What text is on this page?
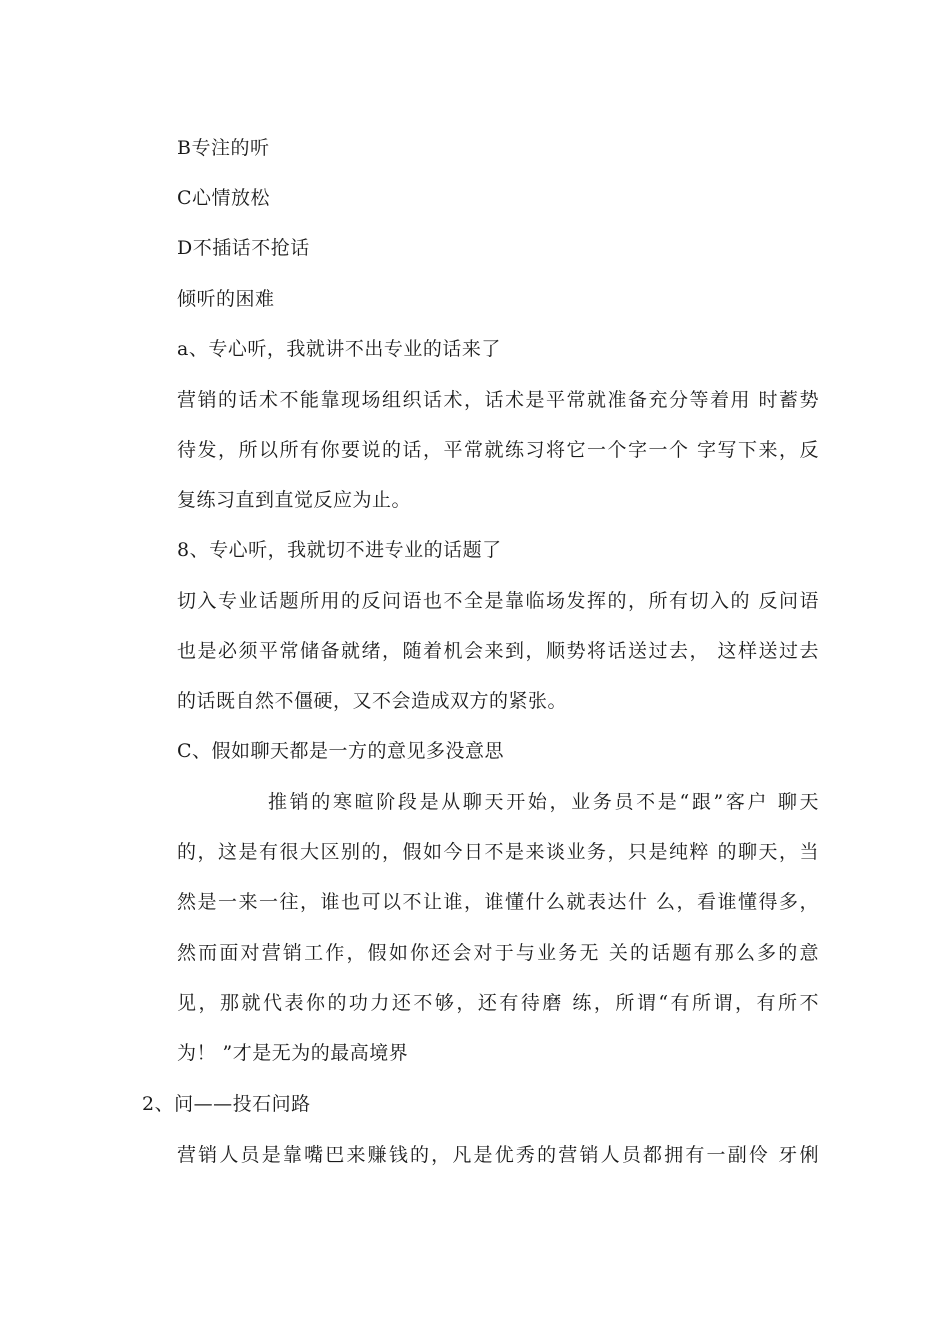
B专注的听
C心情放松
D不插话不抢话
倾听的困难
a、专心听，我就讲不出专业的话来了
营销的话术不能靠现场组织话术，话术是平常就准备充分等着用 时蓄势
待发，所以所有你要说的话，平常就练习将它一个字一个 字写下来，反
复练习直到直觉反应为止。
8、专心听，我就切不进专业的话题了
切入专业话题所用的反问语也不全是靠临场发挥的，所有切入的 反问语
也是必须平常储备就绪，随着机会来到，顺势将话送过去， 这样送过去
的话既自然不僵硬，又不会造成双方的紧张。
C、假如聊天都是一方的意见多没意思
推销的寒暄阶段是从聊天开始，业务员不是“跟”客户 聊天
的，这是有很大区别的，假如今日不是来谈业务，只是纯粹 的聊天，当
然是一来一往，谁也可以不让谁，谁懂什么就表达什 么，看谁懂得多，
然而面对营销工作，假如你还会对于与业务无 关的话题有那么多的意
见，那就代表你的功力还不够，还有待磨 练，所谓“有所谓，有所不
为！ ”才是无为的最高境界
2、问——投石问路
营销人员是靠嘴巴来赚钱的，凡是优秀的营销人员都拥有一副伶 牙俐
